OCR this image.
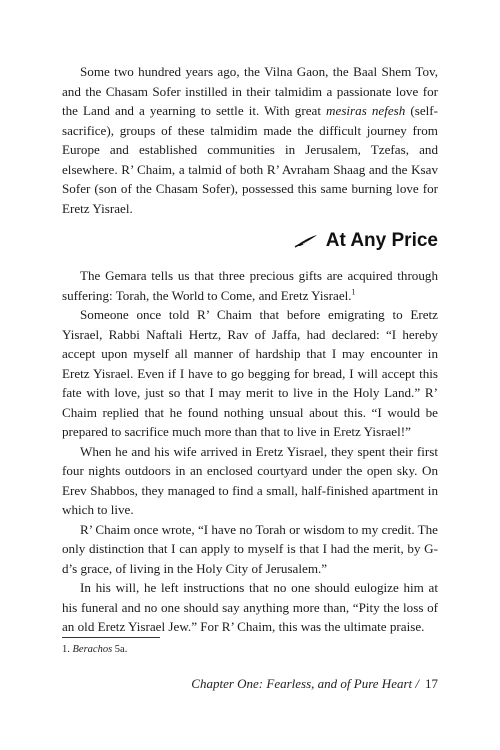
Some two hundred years ago, the Vilna Gaon, the Baal Shem Tov, and the Chasam Sofer instilled in their talmidim a passionate love for the Land and a yearning to settle it. With great mesiras nefesh (self-sacrifice), groups of these talmidim made the difficult journey from Europe and established communities in Jerusalem, Tzefas, and elsewhere. R’ Chaim, a talmid of both R’ Avraham Shaag and the Ksav Sofer (son of the Chasam Sofer), possessed this same burning love for Eretz Yisrael.

At Any Price

The Gemara tells us that three precious gifts are acquired through suffering: Torah, the World to Come, and Eretz Yisrael.$^1$

Someone once told R’ Chaim that before emigrating to Eretz Yisrael, Rabbi Naftali Hertz, Rav of Jaffa, had declared: “I hereby accept upon myself all manner of hardship that I may encounter in Eretz Yisrael. Even if I have to go begging for bread, I will accept this fate with love, just so that I may merit to live in the Holy Land.” R’ Chaim replied that he found nothing unsual about this. “I would be prepared to sacrifice much more than that to live in Eretz Yisrael!”

When he and his wife arrived in Eretz Yisrael, they spent their first four nights outdoors in an enclosed courtyard under the open sky. On Erev Shabbos, they managed to find a small, half-finished apartment in which to live.

R’ Chaim once wrote, “I have no Torah or wisdom to my credit. The only distinction that I can apply to myself is that I had the merit, by G-d’s grace, of living in the Holy City of Jerusalem.”

In his will, he left instructions that no one should eulogize him at his funeral and no one should say anything more than, “Pity the loss of an old Eretz Yisrael Jew.” For R’ Chaim, this was the ultimate praise.

1. Berachos 5a.
Chapter One: Fearless, and of Pure Heart / 17
